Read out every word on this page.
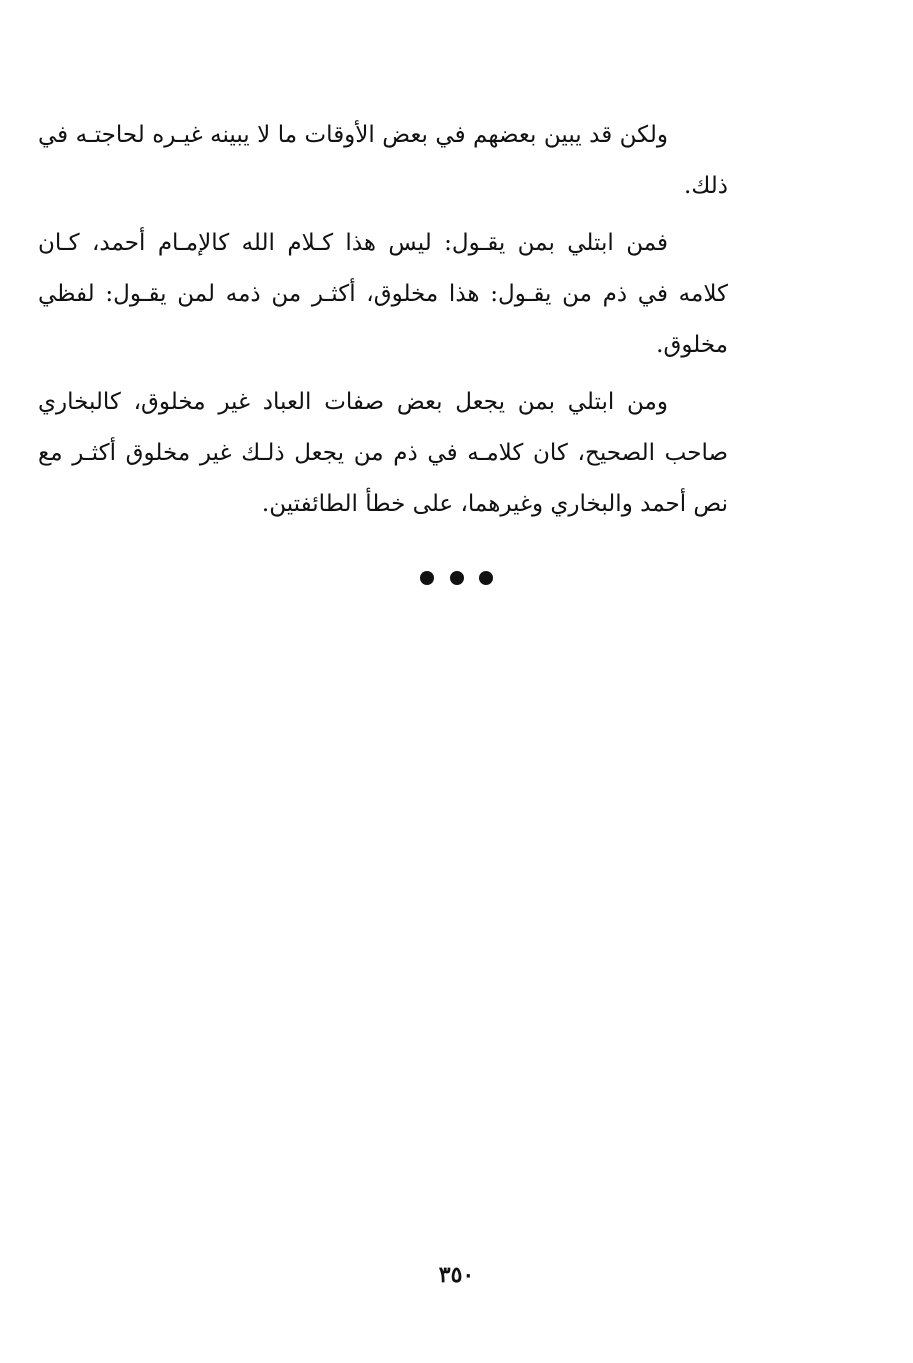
ولكن قد يبين بعضهم في بعض الأوقات ما لا يبينه غيـره لحاجتـه في ذلك.

فمن ابتلي بمن يقـول: ليس هذا كـلام الله كالإمـام أحمد، كـان كلامه في ذم من يقـول: هذا مخلوق، أكثـر من ذمه لمن يقـول: لفظي مخلوق.

ومن ابتلي بمن يجعل بعض صفات العباد غير مخلوق، كالبخاري صاحب الصحيح، كان كلامـه في ذم من يجعل ذلـك غير مخلوق أكثـر مع نص أحمد والبخاري وغيرهما، على خطأ الطائفتين.

٣٥٠
